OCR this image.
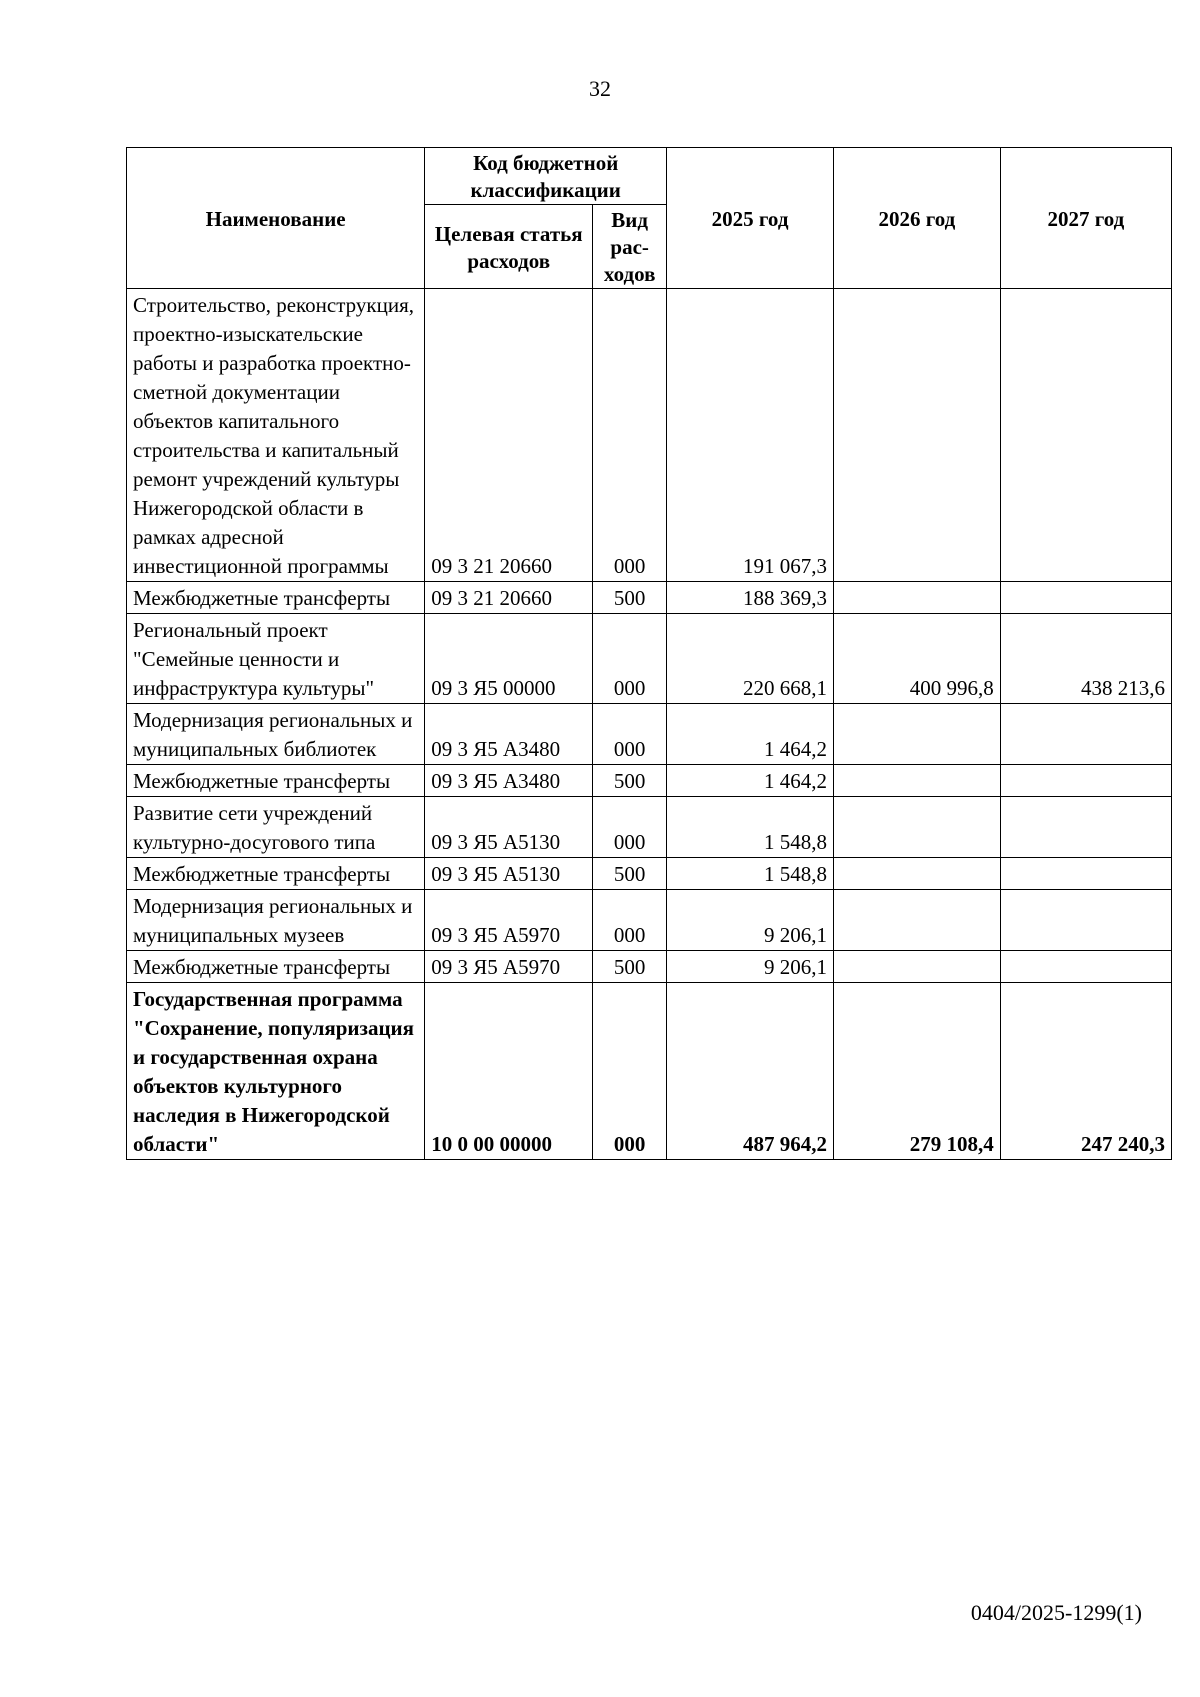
32
Наименование	Код бюджетной классификации		2025 год	2026 год	2027 год
	Целевая статья расходов	Вид рас- ходов			
Строительство, реконструкция, проектно-изыскательские работы и разработка проектно-сметной документации объектов капитального строительства и капитальный ремонт учреждений культуры Нижегородской области в рамках адресной инвестиционной программы	09 3 21 20660	000	191 067,3		
Межбюджетные трансферты	09 3 21 20660	500	188 369,3		
Региональный проект "Семейные ценности и инфраструктура культуры"	09 3 Я5 00000	000	220 668,1	400 996,8	438 213,6
Модернизация региональных и муниципальных библиотек	09 3 Я5 А3480	000	1 464,2		
Межбюджетные трансферты	09 3 Я5 А3480	500	1 464,2		
Развитие сети учреждений культурно-досугового типа	09 3 Я5 А5130	000	1 548,8		
Межбюджетные трансферты	09 3 Я5 А5130	500	1 548,8		
Модернизация региональных и муниципальных музеев	09 3 Я5 А5970	000	9 206,1		
Межбюджетные трансферты	09 3 Я5 А5970	500	9 206,1		
Государственная программа "Сохранение, популяризация и государственная охрана объектов культурного наследия в Нижегородской области"	10 0 00 00000	000	487 964,2	279 108,4	247 240,3
0404/2025-1299(1)
